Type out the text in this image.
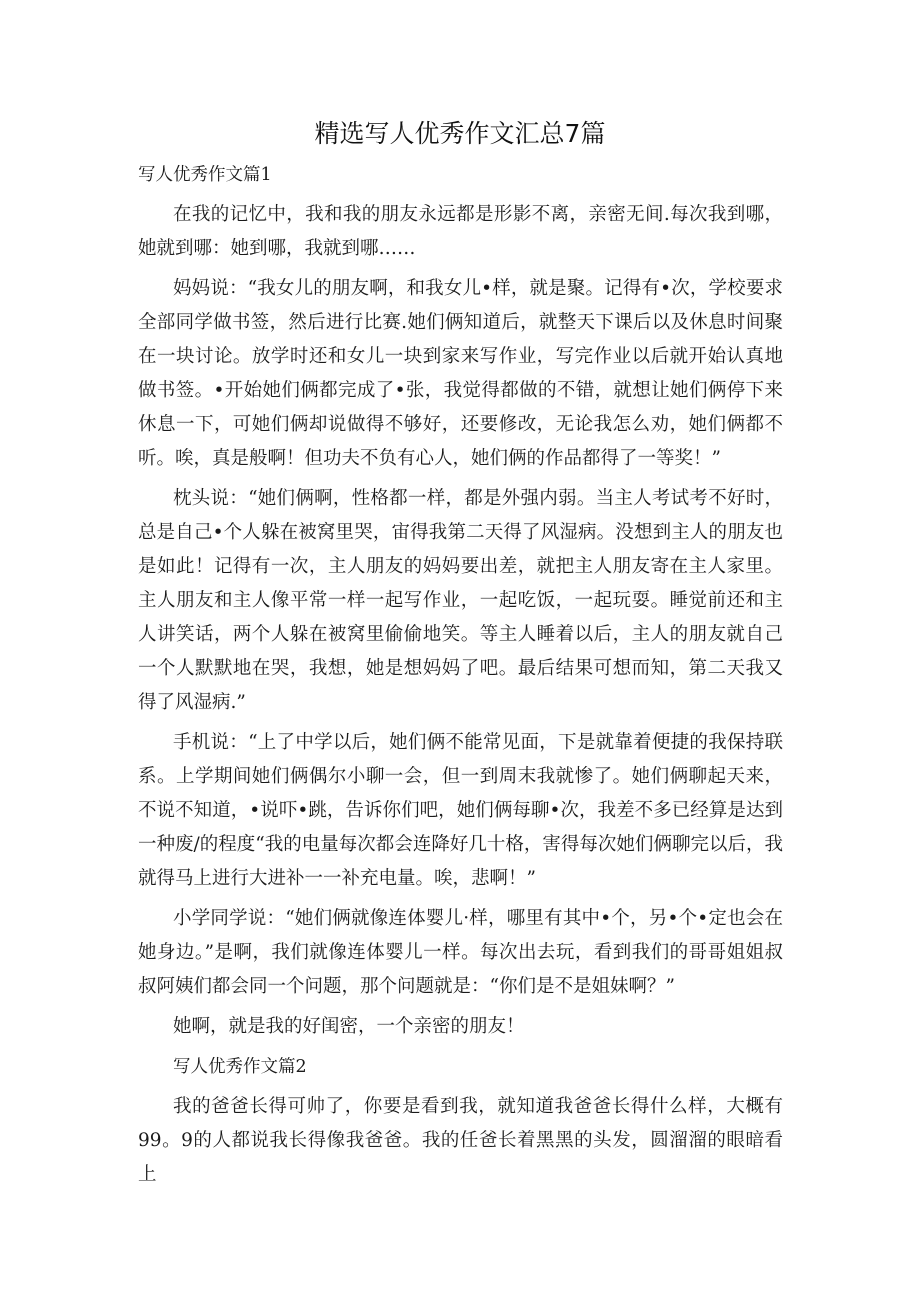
精选写人优秀作文汇总7篇
写人优秀作文篇1

在我的记忆中，我和我的朋友永远都是形影不离，亲密无间.每次我到哪，她就到哪：她到哪，我就到哪……

妈妈说：“我女儿的朋友啊，和我女儿•样，就是聚。记得有•次，学校要求全部同学做书签，然后进行比赛.她们俩知道后，就整天下课后以及休息时间聚在一块讨论。放学时还和女儿一块到家来写作业，写完作业以后就开始认真地做书签。•开始她们俩都完成了•张，我觉得都做的不错，就想让她们俩停下来休息一下，可她们俩却说做得不够好，还要修改，无论我怎么劝，她们俩都不听。唉，真是般啊！但功夫不负有心人，她们俩的作品都得了一等奖！”

枕头说：“她们俩啊，性格都一样，都是外强内弱。当主人考试考不好时，总是自己•个人躲在被窝里哭，宙得我第二天得了风湿病。没想到主人的朋友也是如此！记得有一次，主人朋友的妈妈要出差，就把主人朋友寄在主人家里。主人朋友和主人像平常一样一起写作业，一起吃饭，一起玩耍。睡觉前还和主人讲笑话，两个人躲在被窝里偷偷地笑。等主人睡着以后，主人的朋友就自己一个人默默地在哭，我想，她是想妈妈了吧。最后结果可想而知，第二天我又得了风湿病.”

手机说：“上了中学以后，她们俩不能常见面，下是就靠着便捷的我保持联系。上学期间她们俩偶尔小聊一会，但一到周末我就惨了。她们俩聊起天来，不说不知道，•说吓•跳，告诉你们吧，她们俩每聊•次，我差不多已经算是达到一种废/的程度“我的电量每次都会连降好几十格，害得每次她们俩聊完以后，我就得马上进行大进补一一补充电量。唉，悲啊！”

小学同学说：“她们俩就像连体婴儿·样，哪里有其中•个，另•个•定也会在她身边。”是啊，我们就像连体婴儿一样。每次出去玩，看到我们的哥哥姐姐叔叔阿姨们都会同一个问题，那个问题就是：“你们是不是姐妹啊？”

她啊，就是我的好闺密，一个亲密的朋友！

写人优秀作文篇2

我的爸爸长得可帅了，你要是看到我，就知道我爸爸长得什么样，大概有99。9的人都说我长得像我爸爸。我的任爸长着黑黑的头发，圆溜溜的眼暗看上
